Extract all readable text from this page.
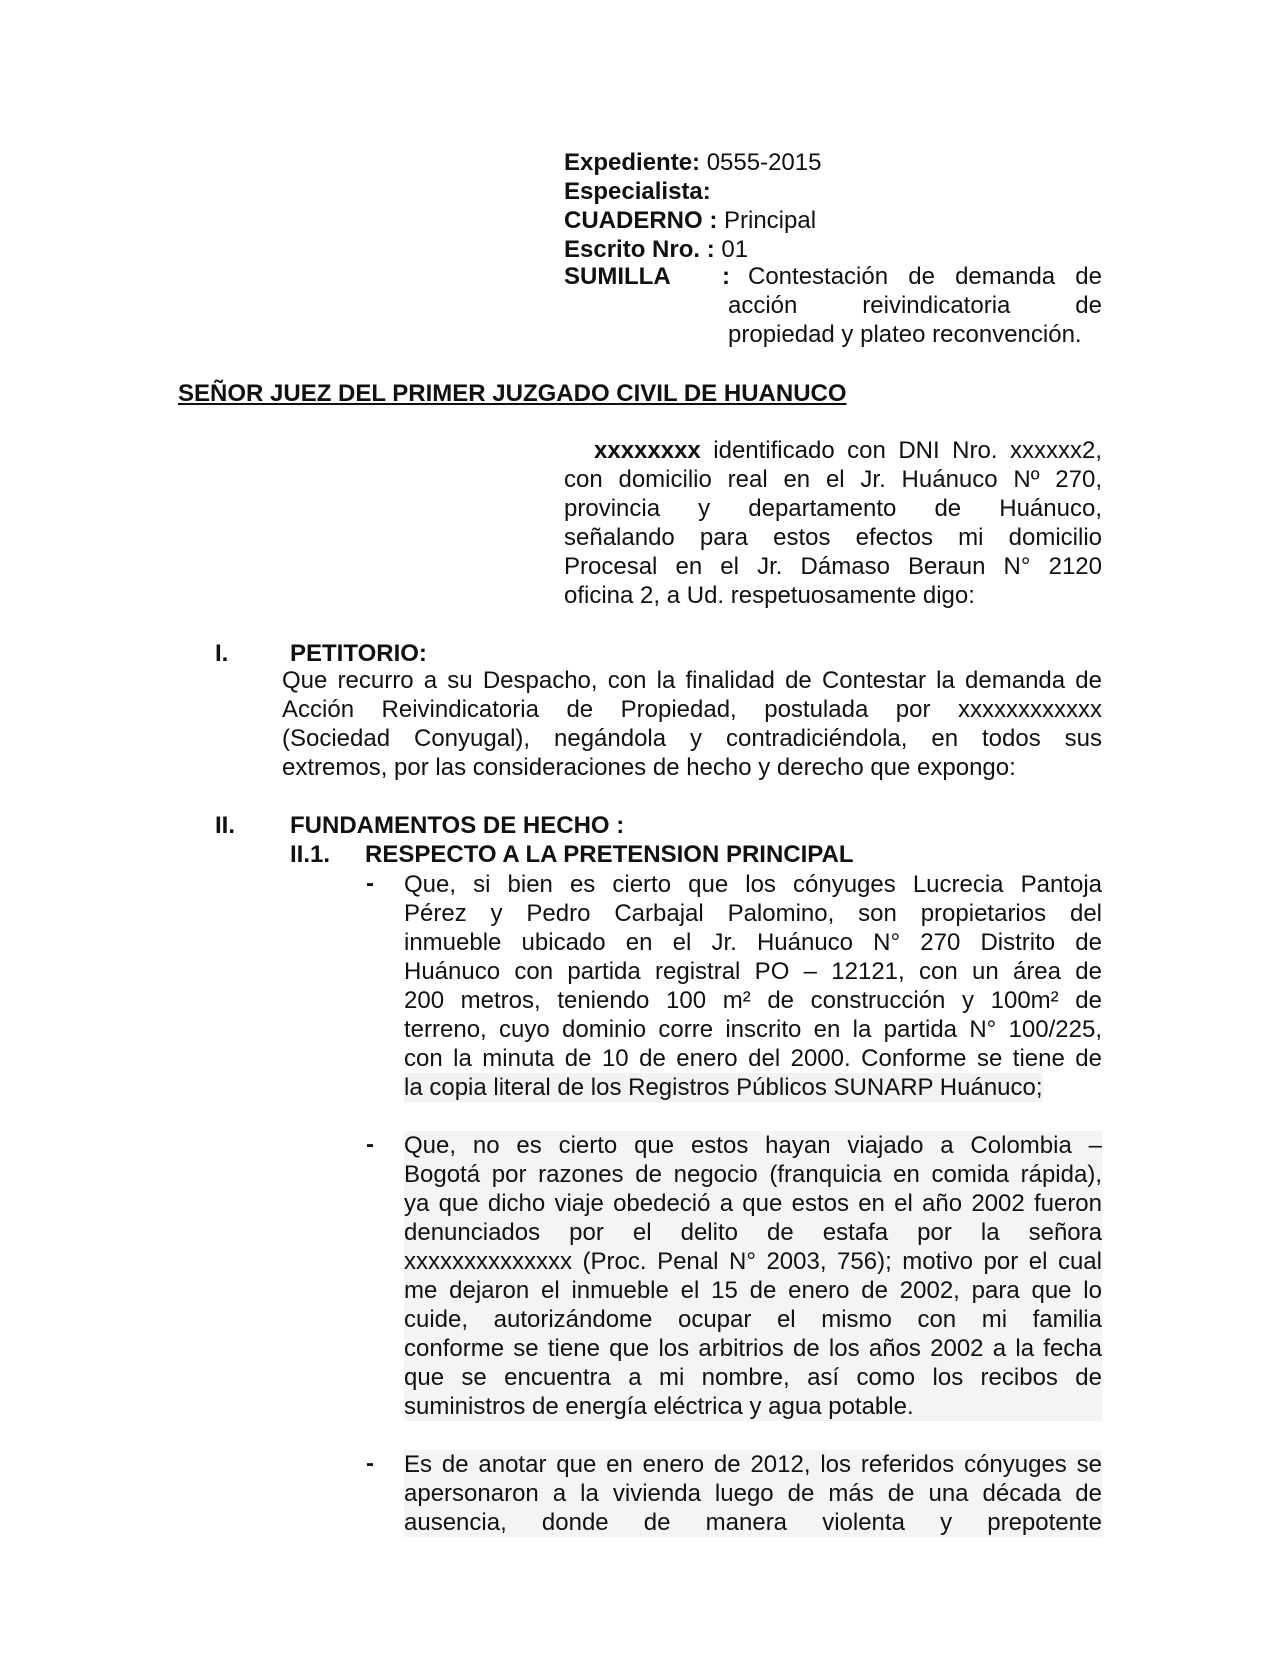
Expediente: 0555-2015
Especialista:
CUADERNO : Principal
Escrito Nro. : 01
SUMILLA : Contestación de demanda de
acción reivindicatoria de
propiedad y plateo reconvención.
SEÑOR JUEZ DEL PRIMER JUZGADO CIVIL DE HUANUCO
xxxxxxxx identificado con DNI Nro. xxxxxx2,
con domicilio real en el Jr. Huánuco Nº 270,
provincia y departamento de Huánuco,
señalando para estos efectos mi domicilio
Procesal en el Jr. Dámaso Beraun N° 2120
oficina 2, a Ud. respetuosamente digo:
I.	PETITORIO:
Que recurro a su Despacho, con la finalidad de Contestar la demanda de
Acción Reivindicatoria de Propiedad, postulada por xxxxxxxxxxxx
(Sociedad Conyugal), negándola y contradiciéndola, en todos sus
extremos, por las consideraciones de hecho y derecho que expongo:
II. FUNDAMENTOS DE HECHO :
II.1. RESPECTO A LA PRETENSION PRINCIPAL
- Que, si bien es cierto que los cónyuges Lucrecia Pantoja
Pérez y Pedro Carbajal Palomino, son propietarios del
inmueble ubicado en el Jr. Huánuco N° 270 Distrito de
Huánuco con partida registral PO – 12121, con un área de
200 metros, teniendo 100 m² de construcción y 100m² de
terreno, cuyo dominio corre inscrito en la partida N° 100/225,
con la minuta de 10 de enero del 2000. Conforme se tiene de
la copia literal de los Registros Públicos SUNARP Huánuco;
- Que, no es cierto que estos hayan viajado a Colombia –
Bogotá por razones de negocio (franquicia en comida rápida),
ya que dicho viaje obedeció a que estos en el año 2002 fueron
denunciados por el delito de estafa por la señora
xxxxxxxxxxxxxx (Proc. Penal N° 2003, 756); motivo por el cual
me dejaron el inmueble el 15 de enero de 2002, para que lo
cuide, autorizándome ocupar el mismo con mi familia
conforme se tiene que los arbitrios de los años 2002 a la fecha
que se encuentra a mi nombre, así como los recibos de
suministros de energía eléctrica y agua potable.
- Es de anotar que en enero de 2012, los referidos cónyuges se
apersonaron a la vivienda luego de más de una década de
ausencia, donde de manera violenta y prepotente
